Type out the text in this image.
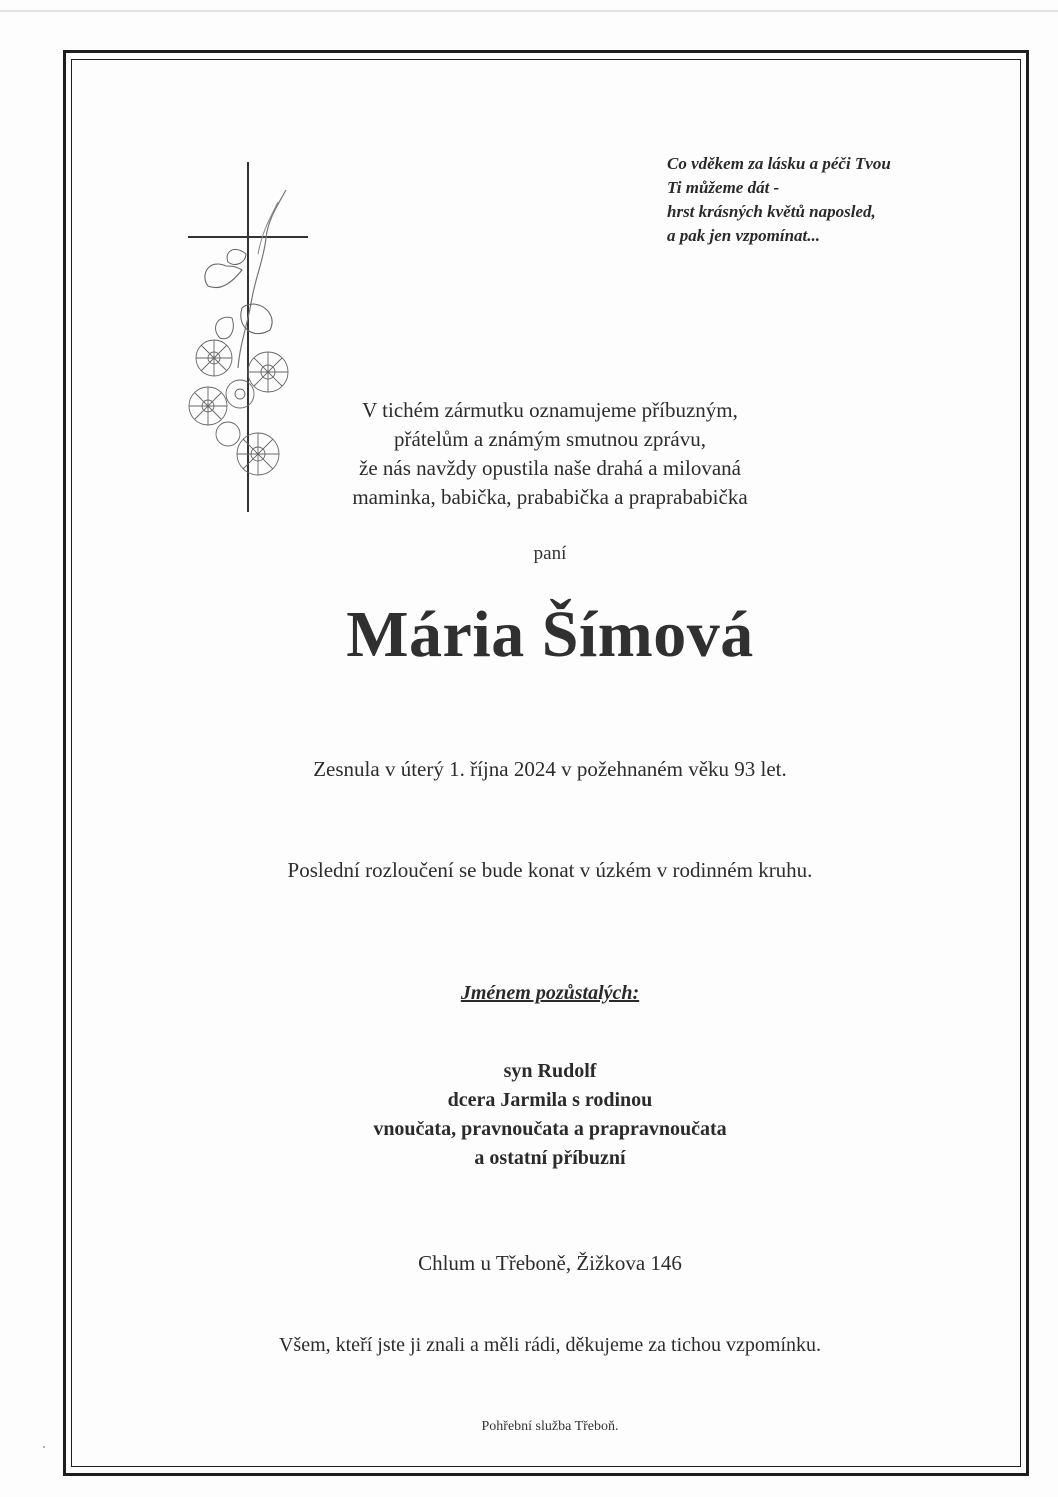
Co vděkem za lásku a péči Tvou
Ti můžeme dát -
hrst krásných květů naposled,
a pak jen vzpomínat...
V tichém zármutku oznamujeme příbuzným,
přátelům a známým smutnou zprávu,
že nás navždy opustila naše drahá a milovaná
maminka, babička, prababička a praprababička
paní
Mária Šímová
Zesnula v úterý 1. října 2024 v požehnaném věku 93 let.
Poslední rozloučení se bude konat v úzkém v rodinném kruhu.
Jménem pozůstalých:
syn Rudolf
dcera Jarmila s rodinou
vnoučata, pravnoučata a prapravnoučata
a ostatní příbuzní
Chlum u Třeboně, Žižkova 146
Všem, kteří jste ji znali a měli rádi, děkujeme za tichou vzpomínku.
Pohřební služba Třeboň.
